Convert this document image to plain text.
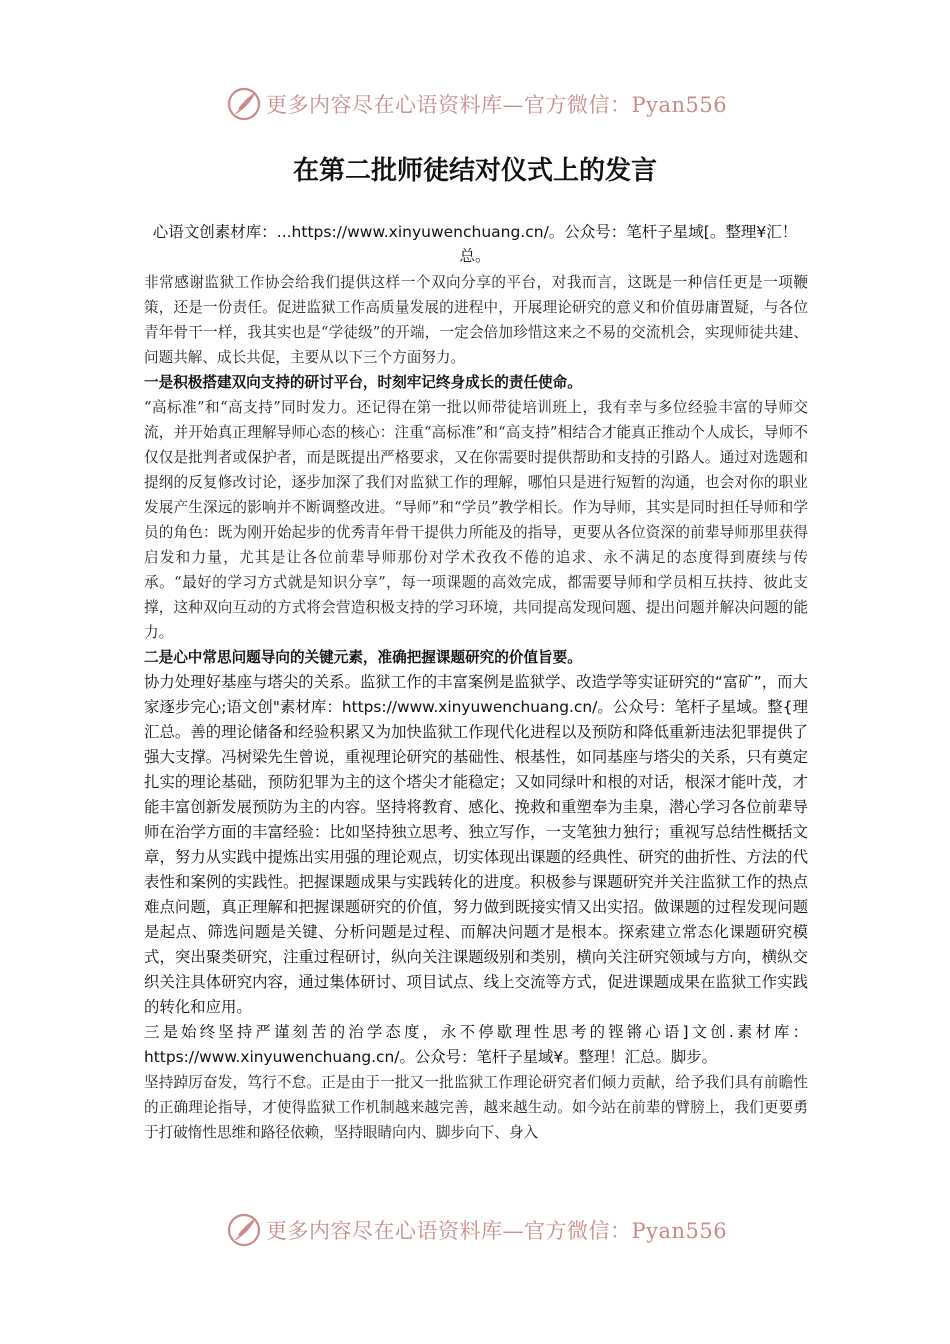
更多内容尽在心语资料库—官方微信：Pyan556
在第二批师徒结对仪式上的发言
心语文创素材库：...https://www.xinyuwenchuang.cn/。公众号：笔杆子星域[。整理¥汇！总。

非常感谢监狱工作协会给我们提供这样一个双向分享的平台，对我而言，这既是一种信任更是一项鞭策，还是一份责任。促进监狱工作高质量发展的进程中，开展理论研究的意义和价值毋庸置疑，与各位青年骨干一样，我其实也是“学徒级”的开端，一定会倍加珍惜这来之不易的交流机会，实现师徒共建、问题共解、成长共促，主要从以下三个方面努力。

一是积极搭建双向支持的研讨平台，时刻牢记终身成长的责任使命。

“高标准”和“高支持”同时发力。还记得在第一批以师带徒培训班上，我有幸与多位经验丰富的导师交流，并开始真正理解导师心态的核心：注重“高标准”和“高支持”相结合才能真正推动个人成长，导师不仅仅是批判者或保护者，而是既提出严格要求，又在你需要时提供帮助和支持的引路人。通过对选题和提纲的反复修改讨论，逐步加深了我们对监狱工作的理解，哪怕只是进行短暂的沟通，也会对你的职业发展产生深远的影响并不断调整改进。“导师”和“学员”教学相长。作为导师，其实是同时担任导师和学员的角色：既为刚开始起步的优秀青年骨干提供力所能及的指导，更要从各位资深的前辈导师那里获得启发和力量，尤其是让各位前辈导师那份对学术孜孜不倦的追求、永不满足的态度得到赓续与传承。“最好的学习方式就是知识分享”，每一项课题的高效完成，都需要导师和学员相互扶持、彼此支撑，这种双向互动的方式将会营造积极支持的学习环境，共同提高发现问题、提出问题并解决问题的能力。

二是心中常思问题导向的关键元素，准确把握课题研究的价值旨要。

协力处理好基座与塔尖的关系。监狱工作的丰富案例是监狱学、改造学等实证研究的“富矿”，而大家逐步完心;语文创"素材库：https://www.xinyuwenchuang.cn/。公众号：笔杆子星域。整{理汇总。善的理论储备和经验积累又为加快监狱工作现代化进程以及预防和降低重新违法犯罪提供了强大支撑。冯树梁先生曾说，重视理论研究的基础性、根基性，如同基座与塔尖的关系，只有奠定扎实的理论基础，预防犯罪为主的这个塔尖才能稳定；又如同绿叶和根的对话，根深才能叶茂，才能丰富创新发展预防为主的内容。坚持将教育、感化、挽救和重塑奉为圭臬，潜心学习各位前辈导师在治学方面的丰富经验：比如坚持独立思考、独立写作，一支笔独力独行；重视写总结性概括文章，努力从实践中提炼出实用强的理论观点，切实体现出课题的经典性、研究的曲折性、方法的代表性和案例的实践性。把握课题成果与实践转化的进度。积极参与课题研究并关注监狱工作的热点难点问题，真正理解和把握课题研究的价值，努力做到既接实情又出实招。做课题的过程发现问题是起点、筛选问题是关键、分析问题是过程、而解决问题才是根本。探索建立常态化课题研究模式，突出聚类研究，注重过程研讨，纵向关注课题级别和类别，横向关注研究领域与方向，横纵交织关注具体研究内容，通过集体研讨、项目试点、线上交流等方式，促进课题成果在监狱工作实践的转化和应用。

三是始终坚持严谨刻苦的治学态度，永不停歇理性思考的铿锵心语]文创.素材库：https://www.xinyuwenchuang.cn/。公众号：笔杆子星域¥。整理！汇总。脚步。

坚持踔厉奋发，笃行不怠。正是由于一批又一批监狱工作理论研究者们倾力贡献，给予我们具有前瞻性的正确理论指导，才使得监狱工作机制越来越完善，越来越生动。如今站在前辈的臂膀上，我们更要勇于打破惰性思维和路径依赖，坚持眼睛向内、脚步向下、身入

更多内容尽在心语资料库—官方微信：Pyan556
